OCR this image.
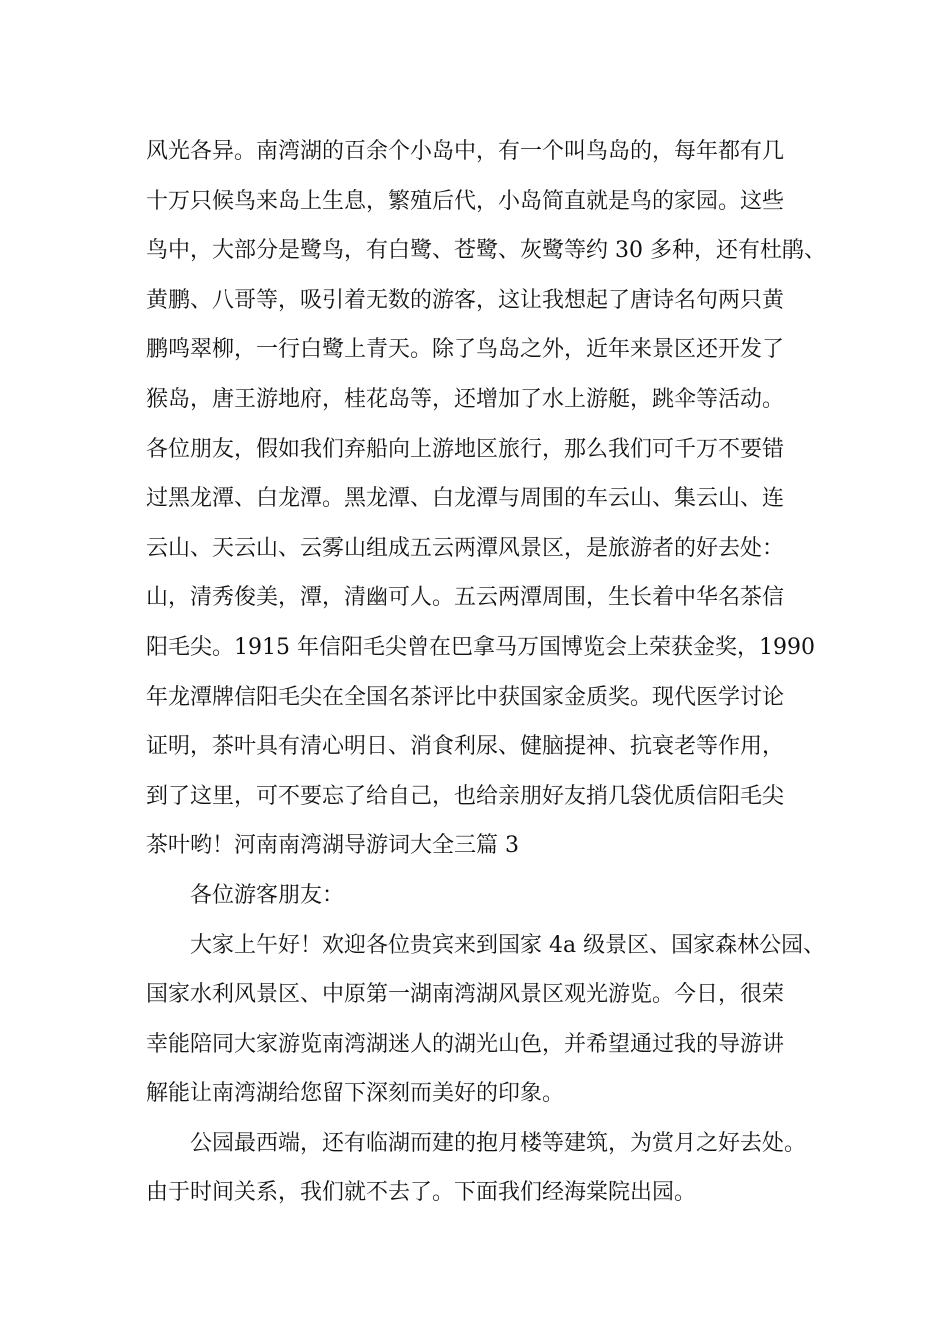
风光各异。南湾湖的百余个小岛中，有一个叫鸟岛的，每年都有几
十万只候鸟来岛上生息，繁殖后代，小岛简直就是鸟的家园。这些
鸟中，大部分是鹭鸟，有白鹭、苍鹭、灰鹭等约 30 多种，还有杜鹃、
黄鹏、八哥等，吸引着无数的游客，这让我想起了唐诗名句两只黄
鹏鸣翠柳，一行白鹭上青天。除了鸟岛之外，近年来景区还开发了
猴岛，唐王游地府，桂花岛等，还增加了水上游艇，跳伞等活动。
各位朋友，假如我们弃船向上游地区旅行，那么我们可千万不要错
过黑龙潭、白龙潭。黑龙潭、白龙潭与周围的车云山、集云山、连
云山、天云山、云雾山组成五云两潭风景区，是旅游者的好去处：
山，清秀俊美，潭，清幽可人。五云两潭周围，生长着中华名茶信
阳毛尖。1915 年信阳毛尖曾在巴拿马万国博览会上荣获金奖，1990
年龙潭牌信阳毛尖在全国名茶评比中获国家金质奖。现代医学讨论
证明，茶叶具有清心明日、消食利尿、健脑提神、抗衰老等作用，
到了这里，可不要忘了给自己，也给亲朋好友捎几袋优质信阳毛尖
茶叶哟！河南南湾湖导游词大全三篇 3
各位游客朋友：
大家上午好！欢迎各位贵宾来到国家 4a 级景区、国家森林公园、
国家水利风景区、中原第一湖南湾湖风景区观光游览。今日，很荣
幸能陪同大家游览南湾湖迷人的湖光山色，并希望通过我的导游讲
解能让南湾湖给您留下深刻而美好的印象。
公园最西端，还有临湖而建的抱月楼等建筑，为赏月之好去处。
由于时间关系，我们就不去了。下面我们经海棠院出园。
